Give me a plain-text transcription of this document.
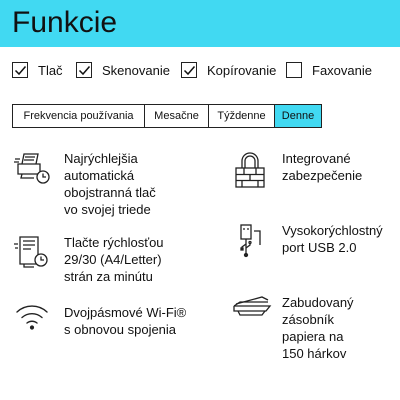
Funkcie
Tlač	Skenovanie	Kopírovanie	Faxovanie
Frekvencia používania	Mesačne	Týždenne	Denne
Najrýchlejšia
automatická
obojstranná tlač
vo svojej triede
Integrované
zabezpečenie
Tlačte rýchlosťou
29/30 (A4/Letter)
strán za minútu
Vysokorýchlostný
port USB 2.0
Dvojpásmové Wi-Fi®
s obnovou spojenia
Zabudovaný
zásobník
papiera na
150 hárkov
